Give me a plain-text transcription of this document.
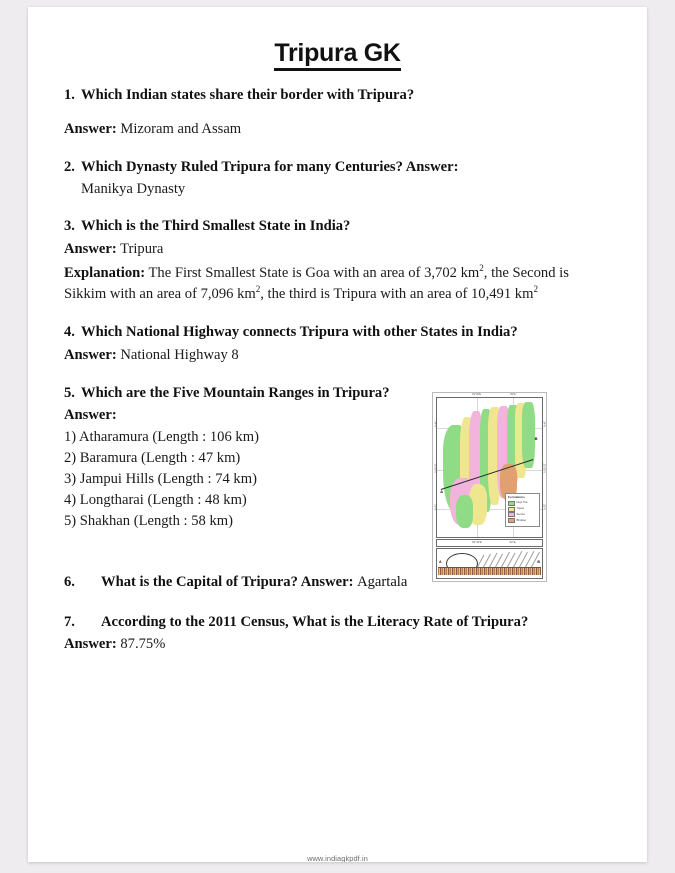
Tripura GK
1. Which Indian states share their border with Tripura?
Answer: Mizoram and Assam
2. Which Dynasty Ruled Tripura for many Centuries? Answer:
Manikya Dynasty
3. Which is the Third Smallest State in India?
Answer: Tripura
Explanation: The First Smallest State is Goa with an area of 3,702 $km^2$, the Second is Sikkim with an area of 7,096 $km^2$, the third is Tripura with an area of 10,491 $km^2$
4. Which National Highway connects Tripura with other States in India?
Answer: National Highway 8
5. Which are the Five Mountain Ranges in Tripura?
Answer:
1) Atharamura (Length : 106 km)
2) Baramura (Length : 47 km)
3) Jampui Hills (Length : 74 km)
4) Longtharai (Length : 48 km)
5) Shakhan (Length : 58 km)
91°30'E	92°E
A
B
Formations
Dupi Tila
Tipam
Surma
Bhuban
24°N
23°30'N
23°N
24°N
23°30'N
23°N
91°30'E	92°E
A	B
6.	What is the Capital of Tripura? Answer: Agartala
7.	According to the 2011 Census, What is the Literacy Rate of Tripura?
Answer: 87.75%
www.indiagkpdf.in
